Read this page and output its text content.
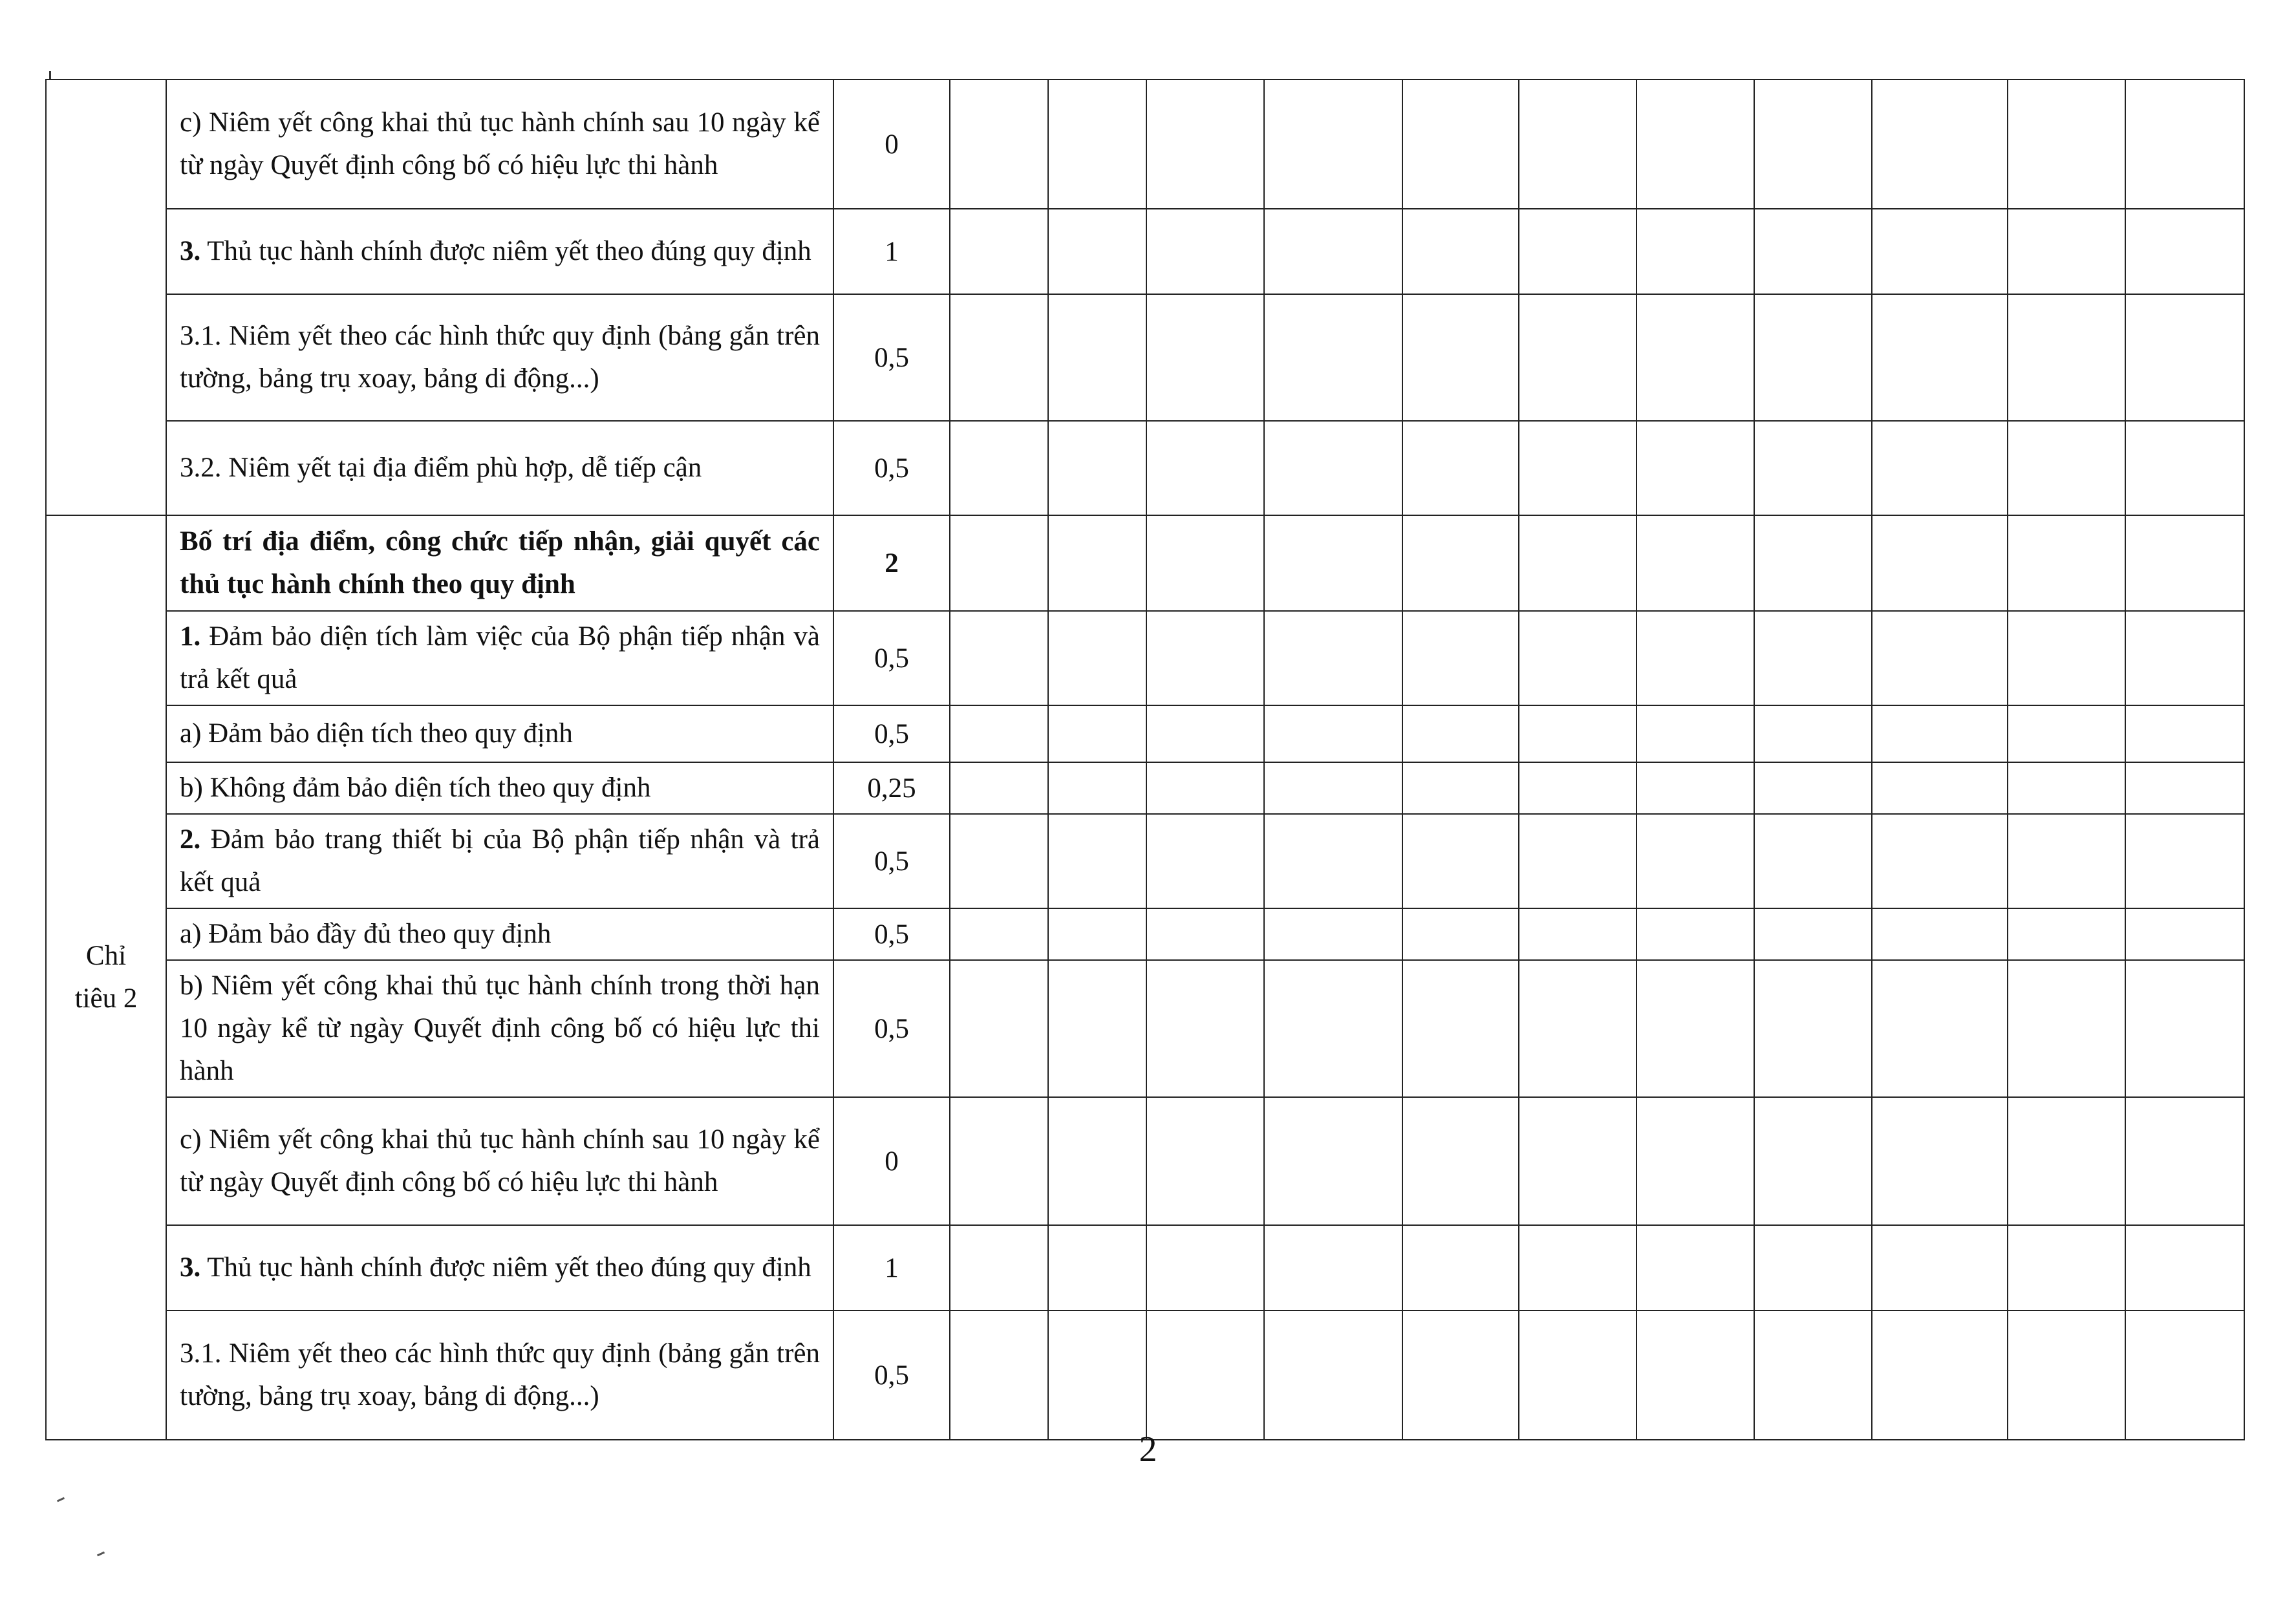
	c) Niêm yết công khai thủ tục hành chính sau 10 ngày kể từ ngày Quyết định công bố có hiệu lực thi hành	0											
	3. Thủ tục hành chính được niêm yết theo đúng quy định	1											
	3.1. Niêm yết theo các hình thức quy định (bảng gắn trên tường, bảng trụ xoay, bảng di động...)	0,5											
	3.2. Niêm yết tại địa điểm phù hợp, dễ tiếp cận	0,5											
Chỉ tiêu 2	Bố trí địa điểm, công chức tiếp nhận, giải quyết các thủ tục hành chính theo quy định	2											
	1. Đảm bảo diện tích làm việc của Bộ phận tiếp nhận và trả kết quả	0,5											
	a) Đảm bảo diện tích theo quy định	0,5											
	b) Không đảm bảo diện tích theo quy định	0,25											
	2. Đảm bảo trang thiết bị của Bộ phận tiếp nhận và trả kết quả	0,5											
	a) Đảm bảo đầy đủ theo quy định	0,5											
	b) Niêm yết công khai thủ tục hành chính trong thời hạn 10 ngày kể từ ngày Quyết định công bố có hiệu lực thi hành	0,5											
	c) Niêm yết công khai thủ tục hành chính sau 10 ngày kể từ ngày Quyết định công bố có hiệu lực thi hành	0											
	3. Thủ tục hành chính được niêm yết theo đúng quy định	1											
	3.1. Niêm yết theo các hình thức quy định (bảng gắn trên tường, bảng trụ xoay, bảng di động...)	0,5											
2
